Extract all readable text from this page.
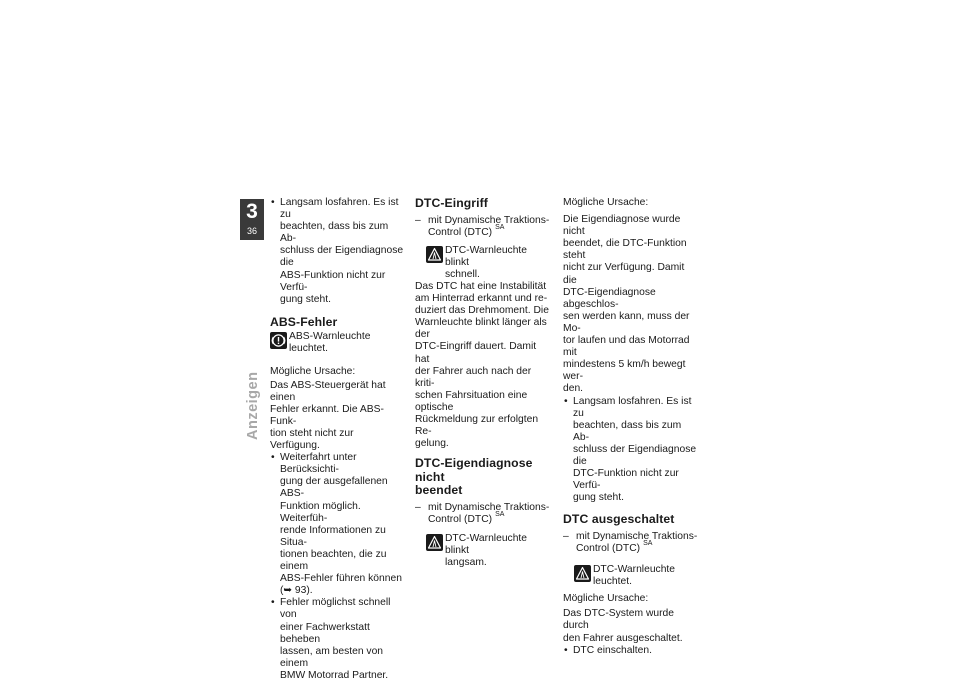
3
36
Anzeigen
• Langsam losfahren. Es ist zu
beachten, dass bis zum Ab-
schluss der Eigendiagnose die
ABS-Funktion nicht zur Verfü-
gung steht.
ABS-Fehler
ABS-Warnleuchte leuchtet.

Mögliche Ursache:

Das ABS-Steuergerät hat einen
Fehler erkannt. Die ABS-Funk-
tion steht nicht zur Verfügung.

• Weiterfahrt unter Berücksichti-
gung der ausgefallenen ABS-
Funktion möglich. Weiterfüh-
rende Informationen zu Situa-
tionen beachten, die zu einem
ABS-Fehler führen können
(➥ 93).
• Fehler möglichst schnell von
einer Fachwerkstatt beheben
lassen, am besten von einem
BMW Motorrad Partner.
DTC-Eingriff
– mit Dynamische Traktions-
Control (DTC) $^{SA}$
DTC-Warnleuchte blinkt
schnell.

Das DTC hat eine Instabilität
am Hinterrad erkannt und re-
duziert das Drehmoment. Die
Warnleuchte blinkt länger als der
DTC-Eingriff dauert. Damit hat
der Fahrer auch nach der kriti-
schen Fahrsituation eine optische
Rückmeldung zur erfolgten Re-
gelung.

DTC-Eigendiagnose nicht
beendet
– mit Dynamische Traktions-
Control (DTC) $^{SA}$
DTC-Warnleuchte blinkt
langsam.

Mögliche Ursache:

Die Eigendiagnose wurde nicht
beendet, die DTC-Funktion steht
nicht zur Verfügung. Damit die
DTC-Eigendiagnose abgeschlos-
sen werden kann, muss der Mo-
tor laufen und das Motorrad mit
mindestens 5 km/h bewegt wer-
den.

• Langsam losfahren. Es ist zu
beachten, dass bis zum Ab-
schluss der Eigendiagnose die
DTC-Funktion nicht zur Verfü-
gung steht.
DTC ausgeschaltet
– mit Dynamische Traktions-
Control (DTC) $^{SA}$
DTC-Warnleuchte leuchtet.

Mögliche Ursache:

Das DTC-System wurde durch
den Fahrer ausgeschaltet.

• DTC einschalten.
